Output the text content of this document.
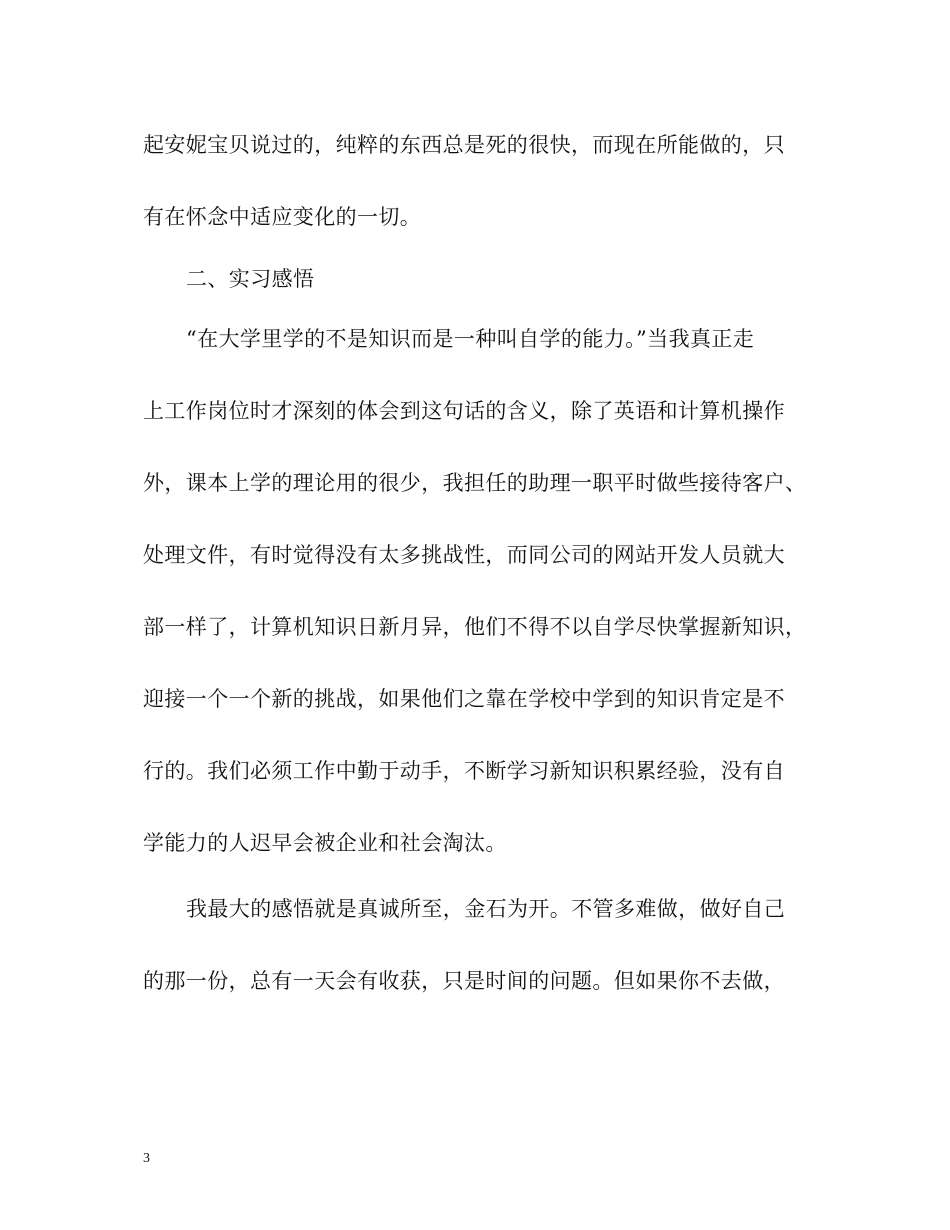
起安妮宝贝说过的，纯粹的东西总是死的很快，而现在所能做的，只
有在怀念中适应变化的一切。
二、实习感悟
“在大学里学的不是知识而是一种叫自学的能力。”当我真正走
上工作岗位时才深刻的体会到这句话的含义，除了英语和计算机操作
外，课本上学的理论用的很少，我担任的助理一职平时做些接待客户、
处理文件，有时觉得没有太多挑战性，而同公司的网站开发人员就大
部一样了，计算机知识日新月异，他们不得不以自学尽快掌握新知识，
迎接一个一个新的挑战，如果他们之靠在学校中学到的知识肯定是不
行的。我们必须工作中勤于动手，不断学习新知识积累经验，没有自
学能力的人迟早会被企业和社会淘汰。
我最大的感悟就是真诚所至，金石为开。不管多难做，做好自己
的那一份，总有一天会有收获，只是时间的问题。但如果你不去做，
3
